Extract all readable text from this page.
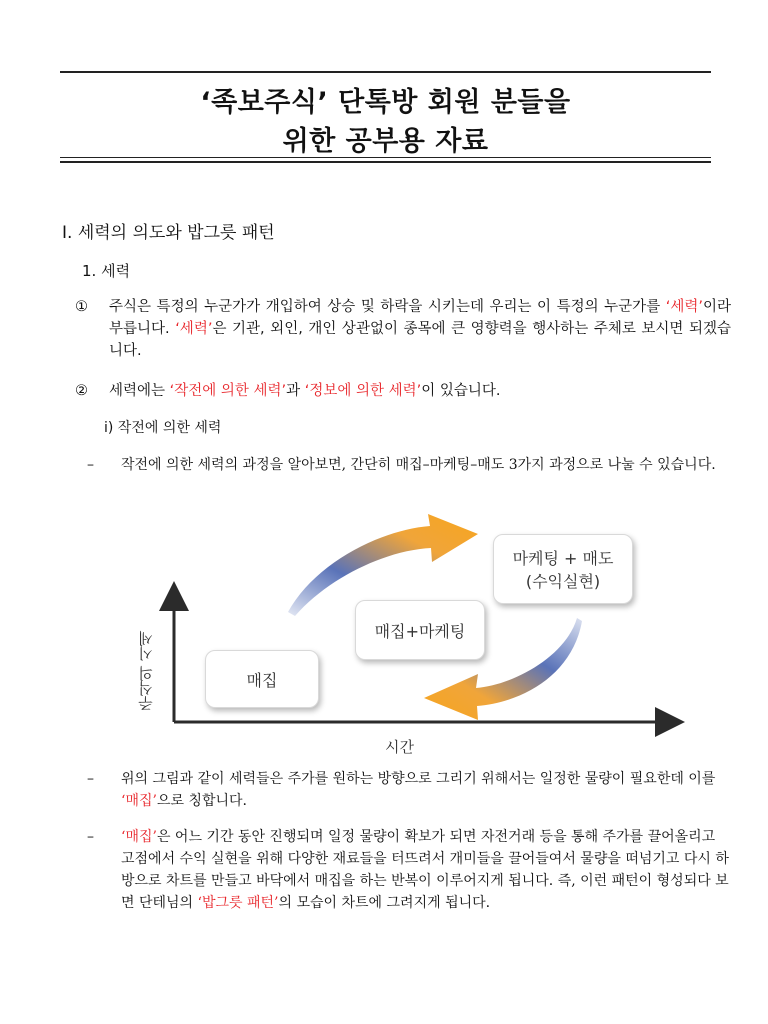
‘족보주식’ 단톡방 회원 분들을
위한 공부용 자료
I. 세력의 의도와 밥그릇 패턴
1. 세력
① 주식은 특정의 누군가가 개입하여 상승 및 하락을 시키는데 우리는 이 특정의 누군가를 ‘세력’이라 부릅니다. ‘세력’은 기관, 외인, 개인 상관없이 종목에 큰 영향력을 행사하는 주체로 보시면 되겠습니다.
② 세력에는 ‘작전에 의한 세력’과 ‘정보에 의한 세력’이 있습니다.
i) 작전에 의한 세력
– 작전에 의한 세력의 과정을 알아보면, 간단히 매집–마케팅–매도 3가지 과정으로 나눌 수 있습니다.
주식의 시세
시간
매집
매집+마케팅
마케팅 + 매도
(수익실현)
– 위의 그림과 같이 세력들은 주가를 원하는 방향으로 그리기 위해서는 일정한 물량이 필요한데 이를 ‘매집’으로 칭합니다.
– ‘매집’은 어느 기간 동안 진행되며 일정 물량이 확보가 되면 자전거래 등을 통해 주가를 끌어올리고 고점에서 수익 실현을 위해 다양한 재료들을 터뜨려서 개미들을 끌어들여서 물량을 떠넘기고 다시 하방으로 차트를 만들고 바닥에서 매집을 하는 반복이 이루어지게 됩니다. 즉, 이런 패턴이 형성되다 보면 단테님의 ‘밥그릇 패턴’의 모습이 차트에 그려지게 됩니다.
